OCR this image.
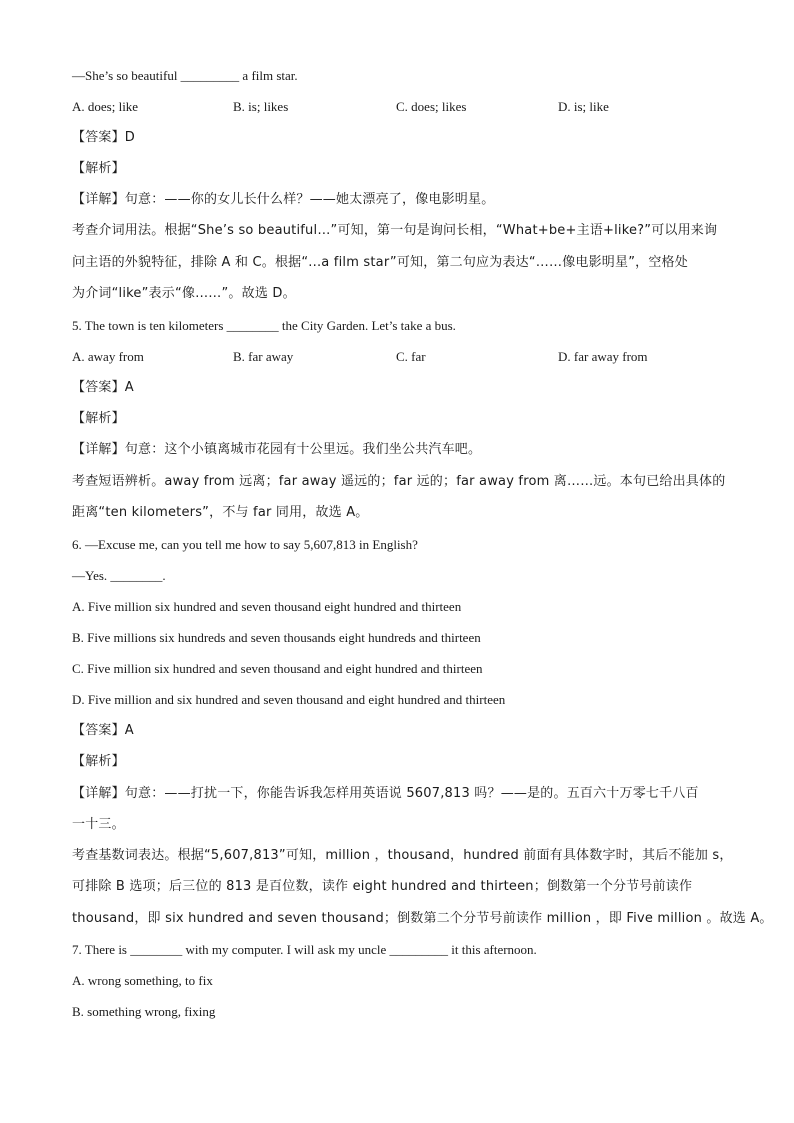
—She’s so beautiful _________ a film star.
A. does; like	B. is; likes	C. does; likes	D. is; like
【答案】D
【解析】
【详解】句意：——你的女儿长什么样？——她太漂亮了，像电影明星。
考查介词用法。根据“She’s so beautiful…”可知，第一句是询问长相，“What+be+主语+like?”可以用来询
问主语的外貌特征，排除 A 和 C。根据“...a film star”可知，第二句应为表达“……像电影明星”，空格处
为介词“like”表示“像……”。故选 D。
5. The town is ten kilometers ________ the City Garden. Let’s take a bus.
A. away from	B. far away	C. far	D. far away from
【答案】A
【解析】
【详解】句意：这个小镇离城市花园有十公里远。我们坐公共汽车吧。
考查短语辨析。away from 远离；far away 遥远的；far 远的；far away from 离……远。本句已给出具体的
距离“ten kilometers”，不与 far 同用，故选 A。
6. —Excuse me, can you tell me how to say 5,607,813 in English?
—Yes. ________.
A. Five million six hundred and seven thousand eight hundred and thirteen
B. Five millions six hundreds and seven thousands eight hundreds and thirteen
C. Five million six hundred and seven thousand and eight hundred and thirteen
D. Five million and six hundred and seven thousand and eight hundred and thirteen
【答案】A
【解析】
【详解】句意：——打扰一下，你能告诉我怎样用英语说 5607,813 吗？——是的。五百六十万零七千八百
一十三。
考查基数词表达。根据“5,607,813”可知，million ，thousand，hundred 前面有具体数字时，其后不能加 s，
可排除 B 选项；后三位的 813 是百位数，读作 eight hundred and thirteen；倒数第一个分节号前读作
thousand，即 six hundred and seven thousand；倒数第二个分节号前读作 million ，即 Five million 。故选 A。
7. There is ________ with my computer. I will ask my uncle _________ it this afternoon.
A. wrong something, to fix
B. something wrong, fixing
